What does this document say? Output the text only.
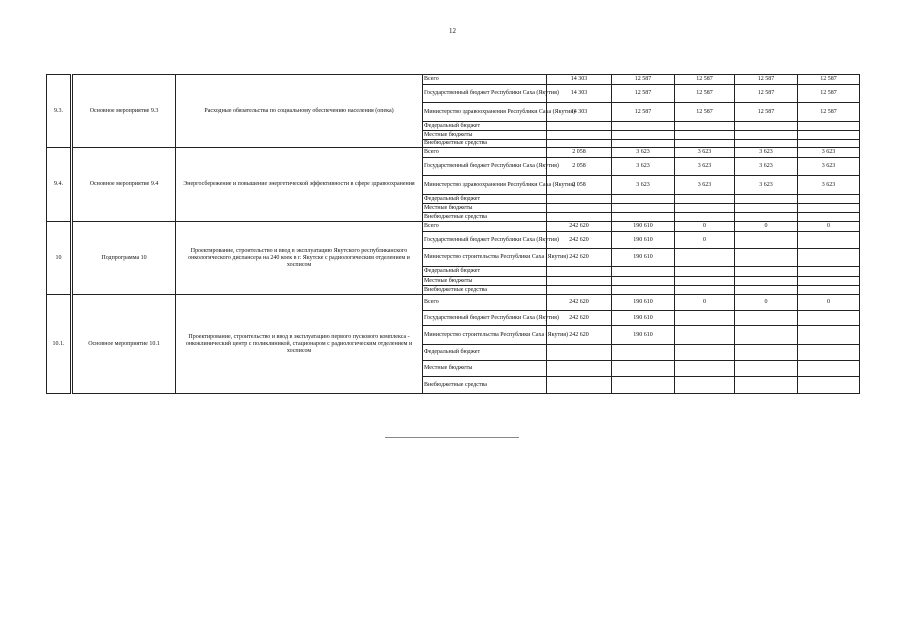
12
9.3.	Основное мероприятие 9.3	Расходные обязательства по социальному обеспечению населения (опека)	Всего	14 303	12 587	12 587	12 587	12 587
			Государственный бюджет Республики Саха (Якутия)	14 303	12 587	12 587	12 587	12 587
			Министерство здравоохранения Республики Саха (Якутия)	14 303	12 587	12 587	12 587	12 587
			Федеральный бюджет					
			Местные бюджеты					
			Внебюджетные средства					
9.4.	Основное мероприятие 9.4	Энергосбережение и повышение энергетической эффективности в сфере здравоохранения	Всего	2 058	3 623	3 623	3 623	3 623
			Государственный бюджет Республики Саха (Якутия)	2 058	3 623	3 623	3 623	3 623
			Министерство здравоохранения Республики Саха (Якутия)	2 058	3 623	3 623	3 623	3 623
			Федеральный бюджет					
			Местные бюджеты					
			Внебюджетные средства					
10	Подпрограмма 10	Проектирование, строительство и ввод в эксплуатацию Якутского республиканского онкологического диспансера на 240 коек в г. Якутске с радиологическим отделением и хосписом	Всего	242 620	190 610	0	0	0
			Государственный бюджет Республики Саха (Якутия)	242 620	190 610	0		
			Министерство строительства Республики Саха (Якутия)	242 620	190 610			
			Федеральный бюджет					
			Местные бюджеты					
			Внебюджетные средства					
10.1.	Основное мероприятие 10.1	Проектирование, строительство и ввод в эксплуатацию первого пускового комплекса - онкоклинический центр с поликлиникой, стационаром с радиологическим отделением и хосписом	Всего	242 620	190 610	0	0	0
			Государственный бюджет Республики Саха (Якутия)	242 620	190 610			
			Министерство строительства Республики Саха (Якутия)	242 620	190 610			
			Федеральный бюджет					
			Местные бюджеты					
			Внебюджетные средства					
